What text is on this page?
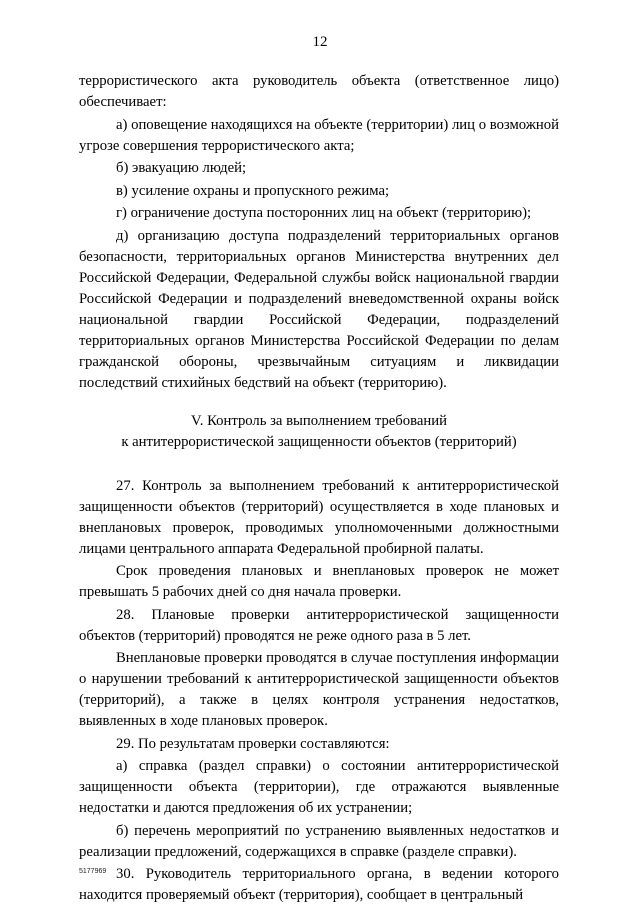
12

террористического акта руководитель объекта (ответственное лицо) обеспечивает:

а) оповещение находящихся на объекте (территории) лиц о возможной угрозе совершения террористического акта;

б) эвакуацию людей;

в) усиление охраны и пропускного режима;

г) ограничение доступа посторонних лиц на объект (территорию);

д) организацию доступа подразделений территориальных органов безопасности, территориальных органов Министерства внутренних дел Российской Федерации, Федеральной службы войск национальной гвардии Российской Федерации и подразделений вневедомственной охраны войск национальной гвардии Российской Федерации, подразделений территориальных органов Министерства Российской Федерации по делам гражданской обороны, чрезвычайным ситуациям и ликвидации последствий стихийных бедствий на объект (территорию).

V. Контроль за выполнением требований
к антитеррористической защищенности объектов (территорий)

27. Контроль за выполнением требований к антитеррористической защищенности объектов (территорий) осуществляется в ходе плановых и внеплановых проверок, проводимых уполномоченными должностными лицами центрального аппарата Федеральной пробирной палаты.

Срок проведения плановых и внеплановых проверок не может превышать 5 рабочих дней со дня начала проверки.

28. Плановые проверки антитеррористической защищенности объектов (территорий) проводятся не реже одного раза в 5 лет.

Внеплановые проверки проводятся в случае поступления информации о нарушении требований к антитеррористической защищенности объектов (территорий), а также в целях контроля устранения недостатков, выявленных в ходе плановых проверок.

29. По результатам проверки составляются:

а) справка (раздел справки) о состоянии антитеррористической защищенности объекта (территории), где отражаются выявленные недостатки и даются предложения об их устранении;

б) перечень мероприятий по устранению выявленных недостатков и реализации предложений, содержащихся в справке (разделе справки).

30. Руководитель территориального органа, в ведении которого находится проверяемый объект (территория), сообщает в центральный

5177969
